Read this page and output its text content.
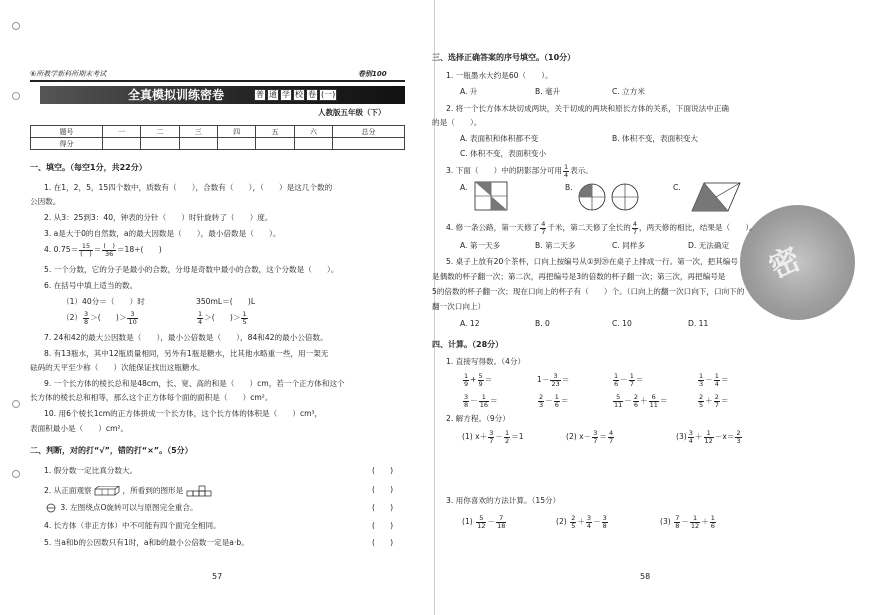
⑥所教学新科所期末考试	卷别100
全真模拟训练密卷	普 通 学 校 卷 (一)
人教版五年级（下）
题号	一	二	三	四	五	六	总分
得分							
一、填空。（每空1分，共22分）
1. 在1，2，5，15四个数中，质数有（　　），合数有（　　），（　　）是这几个数的
公因数。
2. 从3：25到3：40，钟表的分针（　　）时针旋转了（　　）度。
3. a是大于0的自然数，a的最大因数是（　　），最小倍数是（　　）。
4. $0.75= \frac{15}{( )} = \frac{( )}{36} =18\div$(　　)
5. 一个分数，它的分子是最小的合数，分母是奇数中最小的合数，这个分数是（　　）。
6. 在括号中填上适当的数。
（1）40分＝（　　）时	350mL＝(　　)L
$(2) \frac{3}{8}$ ＞(　　)＞ $\frac{3}{10}$	$\frac{1}{4}$ ＞(　　)＞ $\frac{1}{5}$
7. 24和42的最大公因数是（　　），最小公倍数是（　　），84和42的最小公倍数。
8. 有13瓶水，其中12瓶质量相同，另外有1瓶是糖水，比其他水略重一些，用一架无
砝码的天平至少称（　　）次能保证找出这瓶糖水。
9. 一个长方体的棱长总和是48cm，长、宽、高的和是（　　）cm，若一个正方体和这个
长方体的棱长总和相等，那么这个正方体每个面的面积是（　　）cm²。
10. 用6个棱长1cm的正方体拼成一个长方体，这个长方体的体积是（　　）cm³，
表面积最小是（　　）cm²。
二、判断，对的打“√”，错的打“×”。（5分）
1. 假分数一定比真分数大。
2. 从正面观察	，所看到的图形是
3. 左图绕点O旋转可以与原图完全重合。
4. 长方体（非正方体）中不可能有四个面完全相同。
5. 当a和b的公因数只有1时，a和b的最小公倍数一定是a·b。
(　　)
(　　)
(　　)
(　　)
(　　)
57
密
三、选择正确答案的序号填空。（10分）
1. 一瓶墨水大约是60（　　）。
A. 升	B. 毫升	C. 立方米
2. 将一个长方体木块切成两块，关于切成的两块和原长方体的关系，下面说法中正确
的是（　　）。
A. 表面积和体积都不变	B. 体积不变，表面积变大
C. 体积不变，表面积变小
3. 下面（　　）中的阴影部分可用 $\frac{1}{4}$ 表示。
A.	B.	C.
4. 修一条公路，第一天修了 $\frac{4}{7}$ 千米，第二天修了全长的 $\frac{4}{7}$ ，两天修的相比，结果是（　　）。
A. 第一天多	B. 第二天多	C. 同样多	D. 无法确定
5. 桌子上放有20个茶杯，口向上按编号从①到⑳在桌子上排成一行。第一次，把其编号
是偶数的杯子翻一次；第二次，再把编号是3的倍数的杯子翻一次；第三次，再把编号是
5的倍数的杯子翻一次；现在口向上的杯子有（　　）个。（口向上的翻一次口向下，口向下的
翻一次口向上）
A. 12	B. 0	C. 10	D. 11
四、计算。（28分）
1. 直接写得数。（4分）
$\frac{1}{9} + \frac{5}{9}$ ＝	$1- \frac{3}{23}$ ＝	$\frac{1}{6} - \frac{1}{7}$ ＝	$\frac{1}{3} - \frac{1}{4}$ ＝
$\frac{3}{8} - \frac{1}{16}$ ＝	$\frac{2}{3} - \frac{1}{6}$ ＝	$\frac{5}{11} - \frac{2}{6} + \frac{6}{11}$ ＝	$\frac{2}{5} + \frac{2}{7}$ ＝
2. 解方程。（9分）
(1) $x+ \frac{3}{7} - \frac{1}{2} =1$	(2) $x- \frac{3}{7} = \frac{4}{7}$	$(3) \frac{3}{4} + \frac{1}{12} -x= \frac{2}{3}$
3. 用你喜欢的方法计算。（15分）
$(1) \frac{5}{12} - \frac{7}{18}$	$(2) \frac{2}{5} + \frac{3}{4} - \frac{3}{8}$	$(3) \frac{7}{8} - \frac{1}{12} + \frac{1}{6}$
58
